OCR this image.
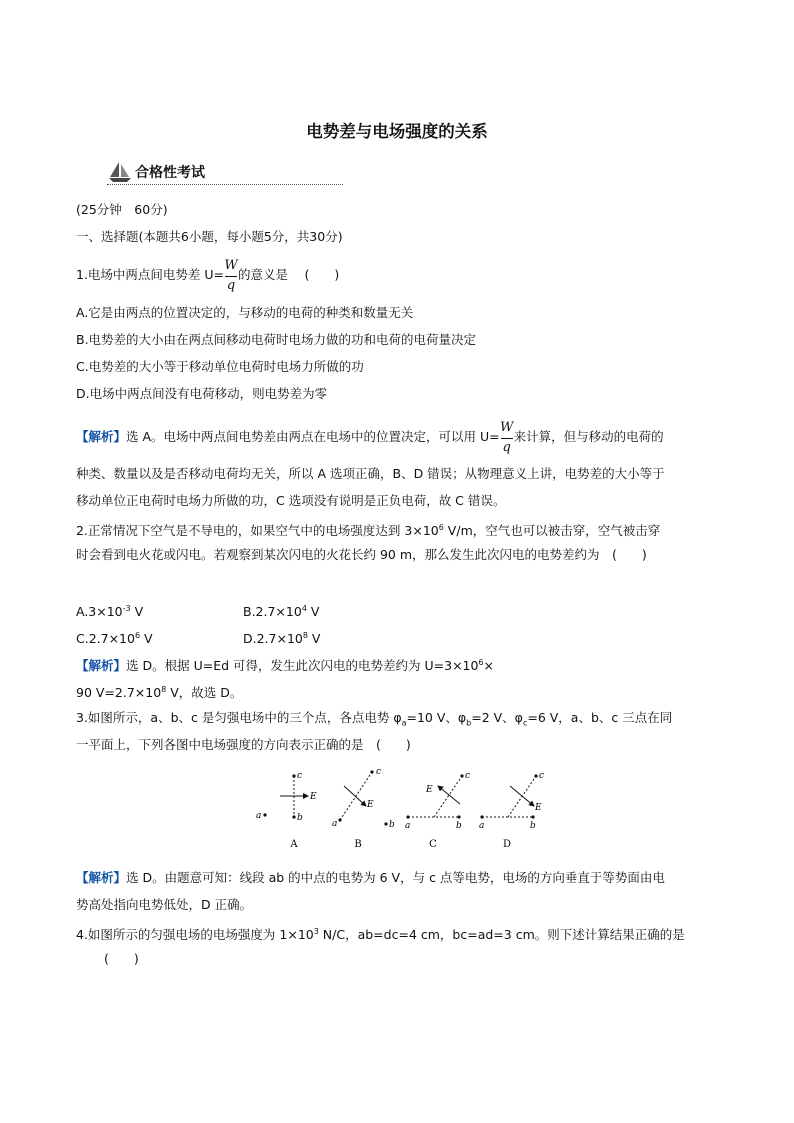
电势差与电场强度的关系
合格性考试
(25分钟　60分)
一、选择题(本题共6小题，每小题5分，共30分)
1.电场中两点间电势差 $U= \frac{W}{q}$ 的意义是　 (　　)
A.它是由两点的位置决定的，与移动的电荷的种类和数量无关
B.电势差的大小由在两点间移动电荷时电场力做的功和电荷的电荷量决定
C.电势差的大小等于移动单位电荷时电场力所做的功
D.电场中两点间没有电荷移动，则电势差为零
【解析】选 A。电场中两点间电势差由两点在电场中的位置决定，可以用 $U= \frac{W}{q}$ 来计算，但与移动的电荷的
种类、数量以及是否移动电荷均无关，所以 A 选项正确，B、D 错误；从物理意义上讲，电势差的大小等于
移动单位正电荷时电场力所做的功，C 选项没有说明是正负电荷，故 C 错误。
2.正常情况下空气是不导电的，如果空气中的电场强度达到 $3\times 10^6$ V/m，空气也可以被击穿，空气被击穿
时会看到电火花或闪电。若观察到某次闪电的火花长约 90 m，那么发生此次闪电的电势差约为　(　　)
$A.3\times 10^{-3}$ V	$B.2.7\times 10^4$ V
$C.2.7\times 10^6$ V	$D.2.7\times 10^8$ V
【解析】选 D。根据 U=Ed 可得，发生此次闪电的电势差约为 $U=3\times 10^6\times$
90 $V=2.7\times 10^8$ V，故选 D。
3.如图所示，a、b、c 是匀强电场中的三个点，各点电势 $\varphi_a=10$ V、$\varphi_b=2$ V、$\varphi_c=6$ V，a、b、c 三点在同
一平面上，下列各图中电场强度的方向表示正确的是　(　　)
c
b
a
E
A
a
c
b
E
B
a	b
c
E
C
a	b
c
E
D
【解析】选 D。由题意可知：线段 ab 的中点的电势为 6 V，与 c 点等电势，电场的方向垂直于等势面由电
势高处指向电势低处，D 正确。
4.如图所示的匀强电场的电场强度为 $1\times 10^3$ N/C，ab=dc=4 cm，bc=ad=3 cm。则下述计算结果正确的是
(　　)
